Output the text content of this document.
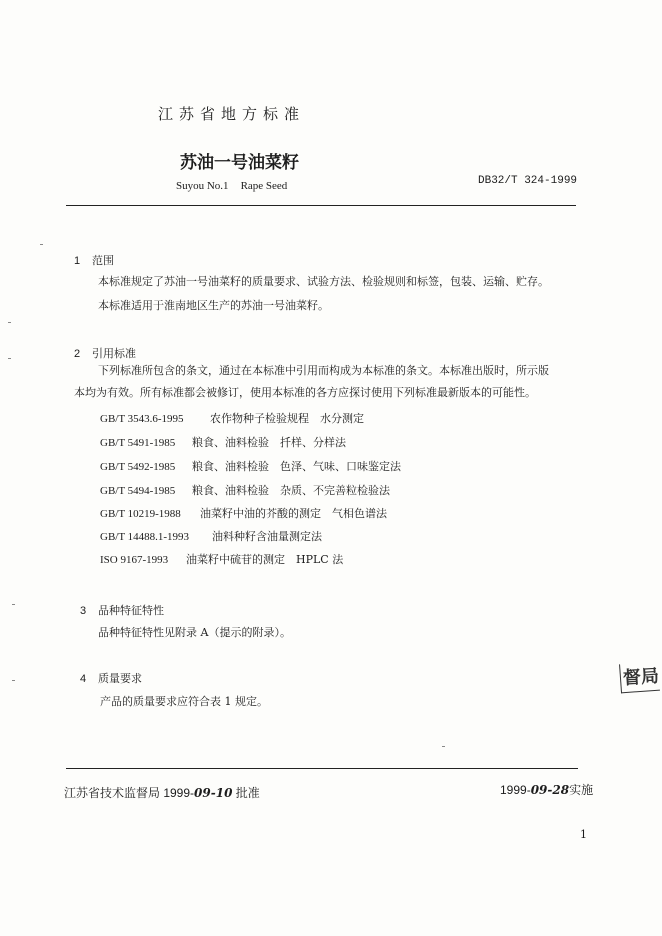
江苏省地方标准
苏油一号油菜籽
Suyou No.1 Rape Seed	DB32/T 324-1999
1 范围
本标准规定了苏油一号油菜籽的质量要求、试验方法、检验规则和标签，包装、运输、贮存。
本标准适用于淮南地区生产的苏油一号油菜籽。
2 引用标准
下列标准所包含的条文，通过在本标准中引用而构成为本标准的条文。本标准出版时，所示版
本均为有效。所有标准都会被修订，使用本标准的各方应探讨使用下列标准最新版本的可能性。
GB/T 3543.6-1995 农作物种子检验规程　水分测定
GB/T 5491-1985 粮食、油料检验　扦样、分样法
GB/T 5492-1985 粮食、油料检验　色泽、气味、口味鉴定法
GB/T 5494-1985 粮食、油料检验　杂质、不完善粒检验法
GB/T 10219-1988 油菜籽中油的芥酸的测定　气相色谱法
GB/T 14488.1-1993 油料种籽含油量测定法
ISO 9167-1993 油菜籽中硫苷的测定　HPLC 法
3 品种特征特性
品种特征特性见附录 A（提示的附录）。
4 质量要求
产品的质量要求应符合表 1 规定。
江苏省技术监督局 1999-09-10 批准	1999-09-28实施
1
督局
